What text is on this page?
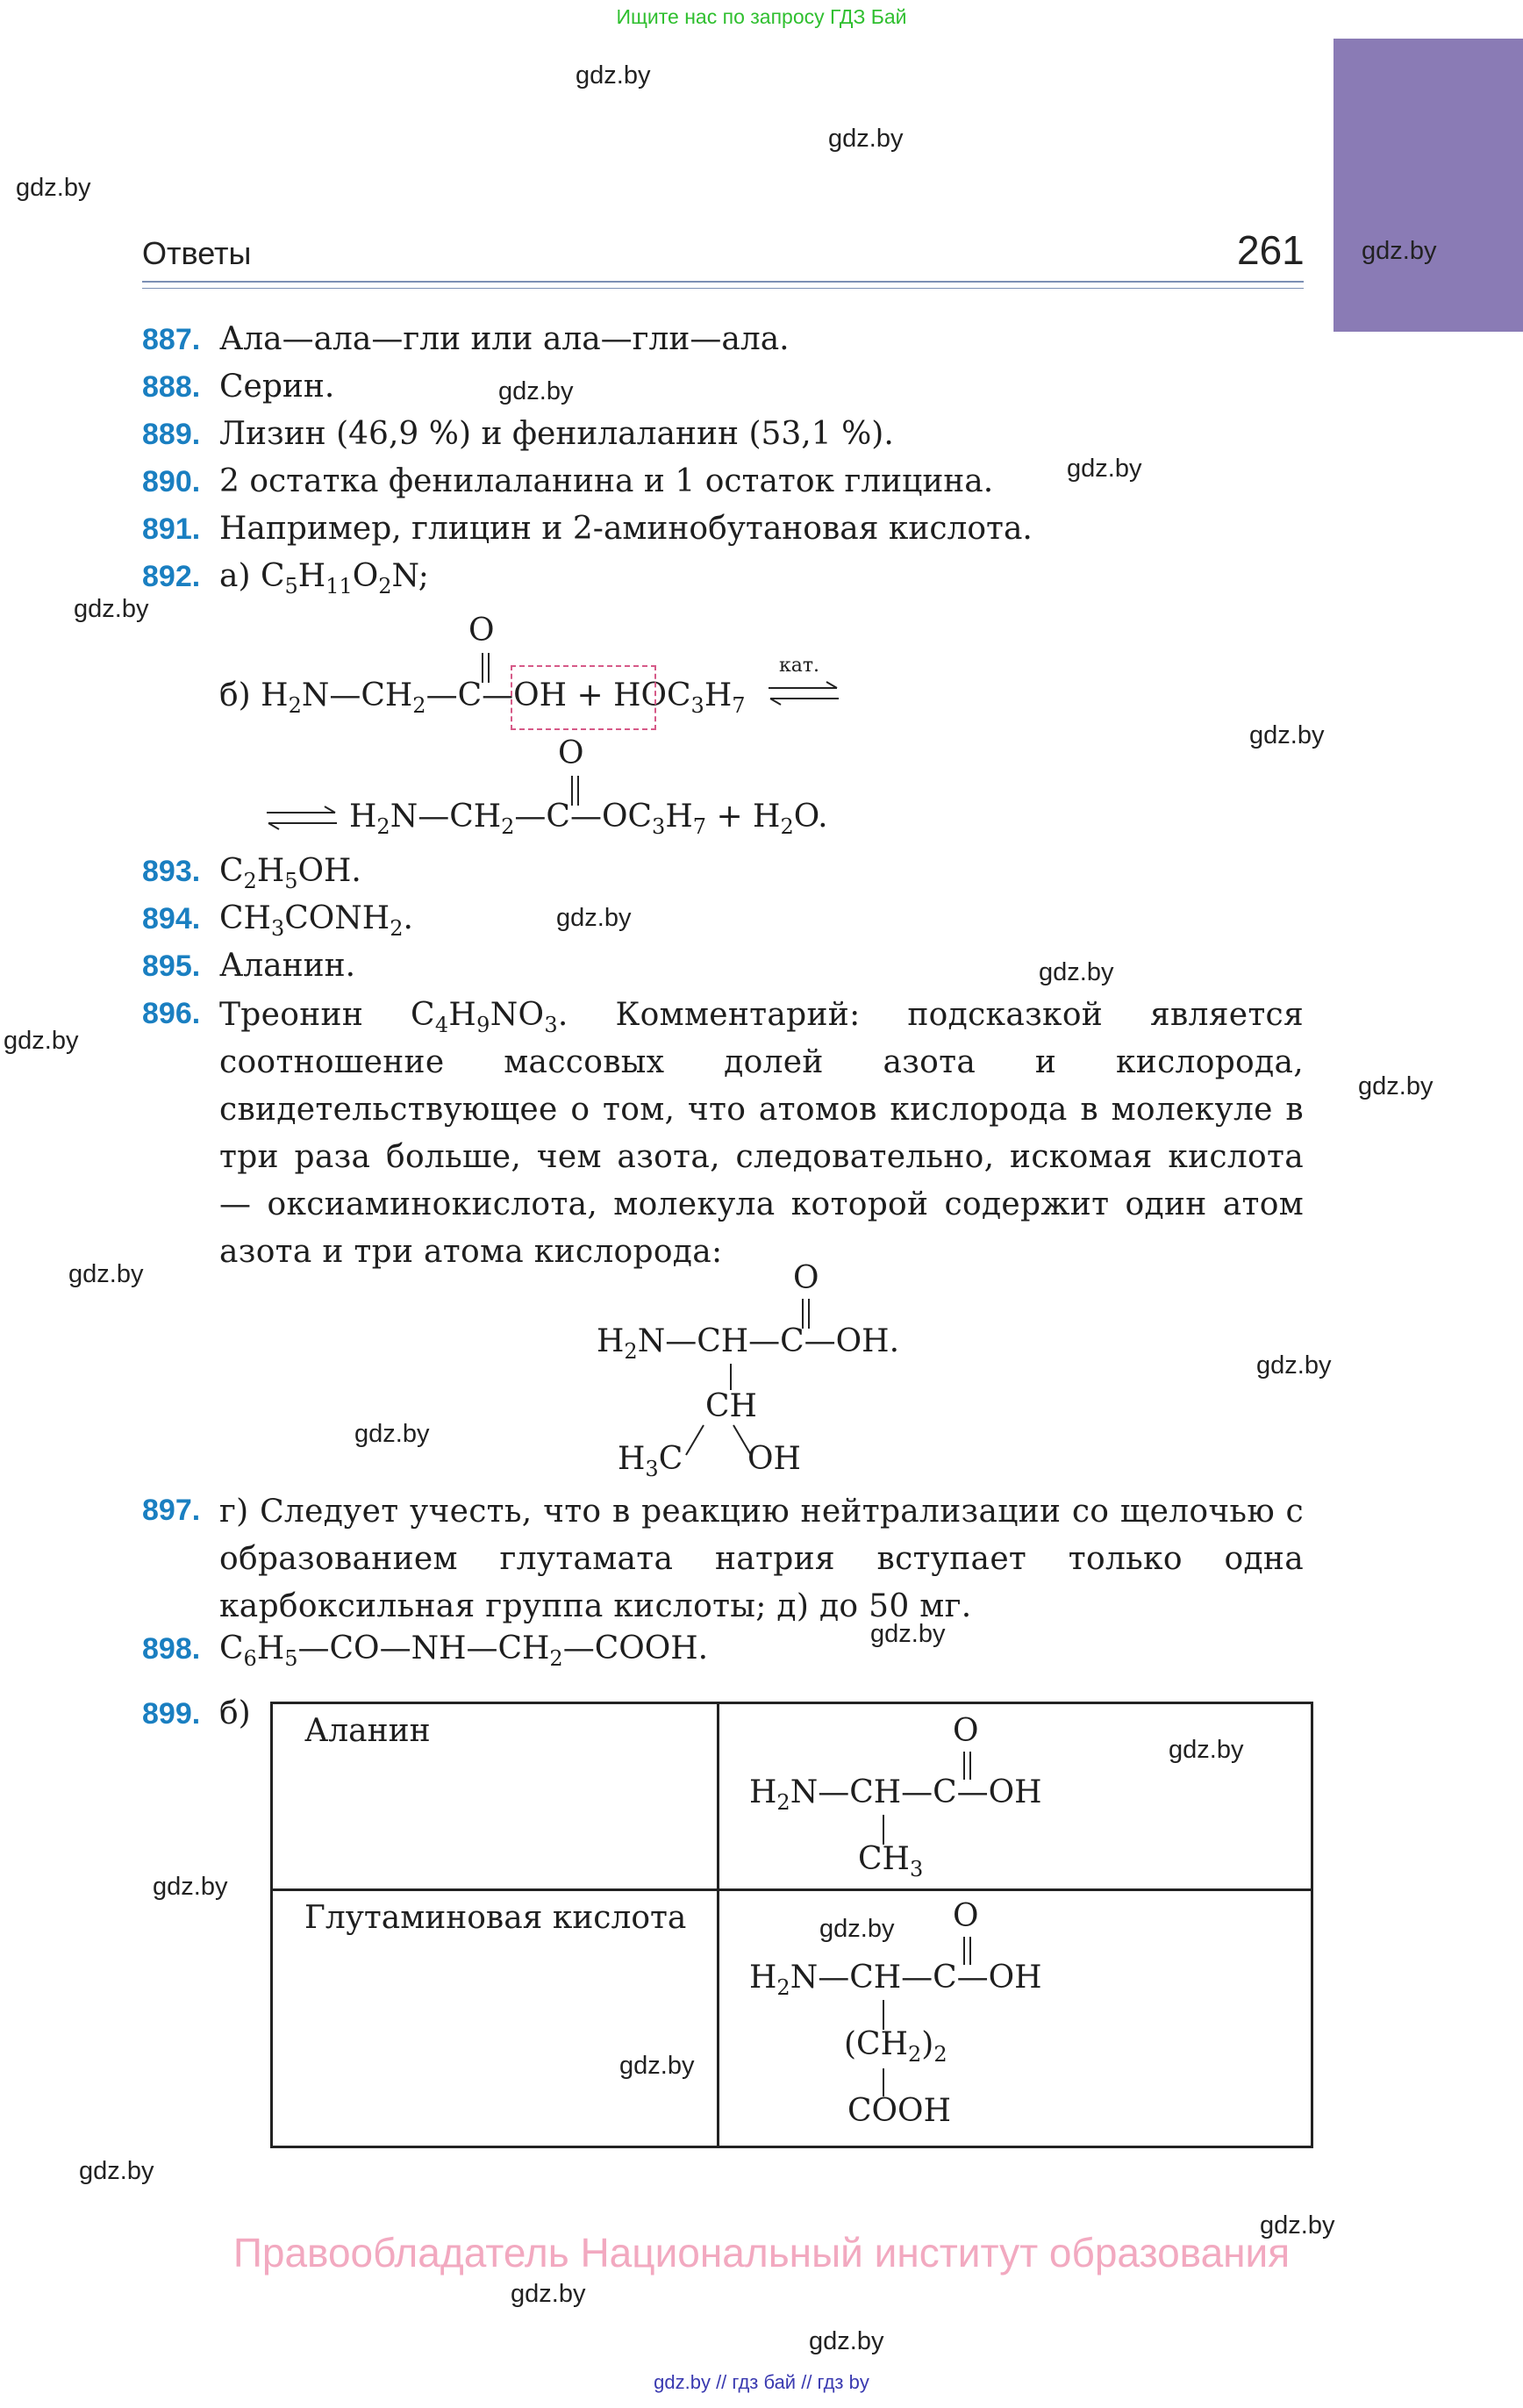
Ищите нас по запросу ГДЗ Бай
gdz.by
gdz.by
gdz.by
gdz.by
gdz.by
gdz.by
gdz.by
gdz.by
gdz.by
gdz.by
gdz.by
gdz.by
gdz.by
gdz.by
gdz.by
gdz.by
gdz.by
gdz.by
gdz.by
gdz.by
gdz.by
gdz.by
gdz.by
gdz.by
Ответы	261
887. Ала—ала—гли или ала—гли—ала.
888. Серин.
889. Лизин (46,9 %) и фенилаланин (53,1 %).
890. 2 остатка фенилаланина и 1 остаток глицина.
891. Например, глицин и 2-аминобутановая кислота.
892. а) $C_5H_{11}O_2N$;
O
б) $H_2N—CH_2—C—OH + HOC_3H_7$
кат.
O
$H_2N—CH_2—C—OC_3H_7 + H_2O$.
893. $C_2H_5OH$.
894. $CH_3CONH_2$.
895. Аланин.
896. Треонин $C_4H_9NO_3$. Комментарий: подсказкой является соотношение массовых долей азота и кислорода, свидетельствующее о том, что атомов кислорода в молекуле в три раза больше, чем азота, следовательно, искомая кислота — оксиаминокислота, молекула которой содержит один атом азота и три атома кислорода:

O
$H_2N—CH—C—OH$.
CH
$H_3C$ OH
897. г) Следует учесть, что в реакцию нейтрализации со щелочью с образованием глутамата натрия вступает только одна карбоксильная группа кислоты; д) до 50 мг.

898. $C_6H_5—CO—NH—CH_2—COOH$.
899. б)	Аланин	O
$H_2N—CH—C—OH$
$CH_3$

Глутаминовая кислота	O
$H_2N—CH—C—OH$
$(CH_2)_2$
COOH
Правообладатель Национальный институт образования
gdz.by // гдз бай // гдз by
